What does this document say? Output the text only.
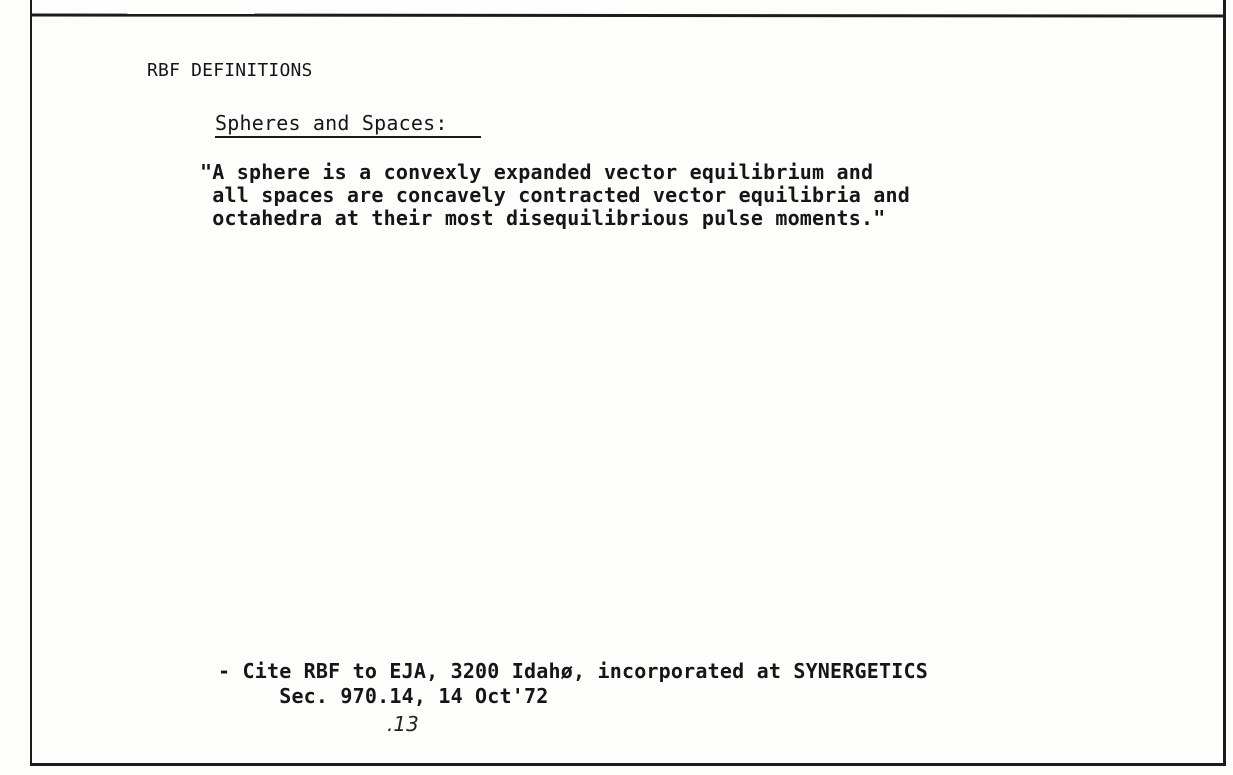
RBF DEFINITIONS
Spheres and Spaces:
"A sphere is a convexly expanded vector equilibrium and
all spaces are concavely contracted vector equilibria and
octahedra at their most disequilibrious pulse moments."
- Cite RBF to EJA, 3200 Idahø, incorporated at SYNERGETICS
Sec. 970.14, 14 Oct'72
.13
